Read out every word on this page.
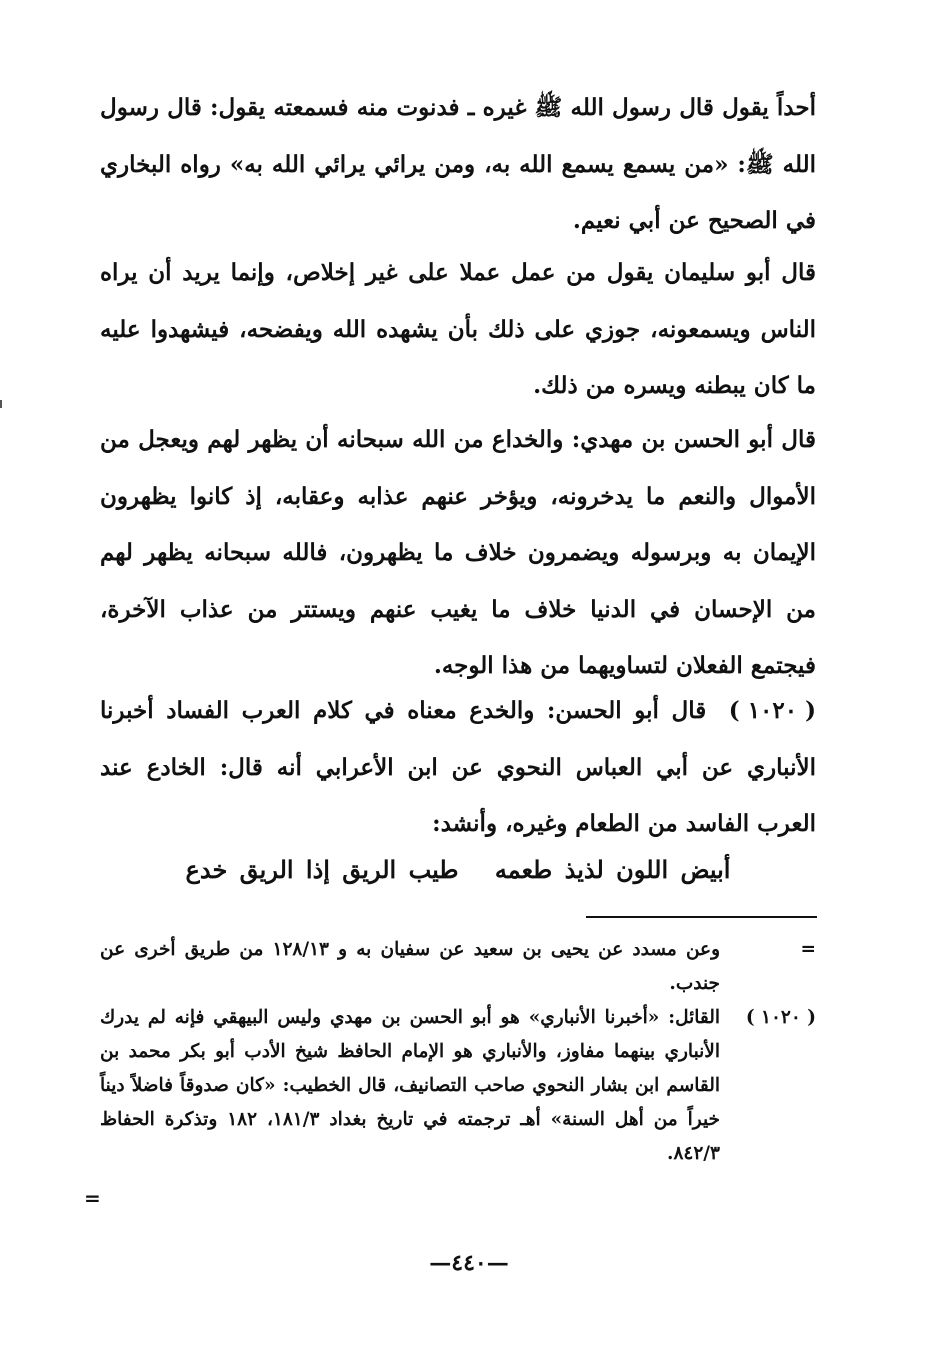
أحداً يقول قال رسول الله ﷺ غيره ـ فدنوت منه فسمعته يقول: قال رسول الله ﷺ: «من يسمع يسمع الله به، ومن يرائي يرائي الله به» رواه البخاري في الصحيح عن أبي نعيم.

قال أبو سليمان يقول من عمل عملا على غير إخلاص، وإنما يريد أن يراه الناس ويسمعونه، جوزي على ذلك بأن يشهده الله ويفضحه، فيشهدوا عليه ما كان يبطنه ويسره من ذلك.

قال أبو الحسن بن مهدي: والخداع من الله سبحانه أن يظهر لهم ويعجل من الأموال والنعم ما يدخرونه، ويؤخر عنهم عذابه وعقابه، إذ كانوا يظهرون الإيمان به وبرسوله ويضمرون خلاف ما يظهرون، فالله سبحانه يظهر لهم من الإحسان في الدنيا خلاف ما يغيب عنهم ويستتر من عذاب الآخرة، فيجتمع الفعلان لتساويهما من هذا الوجه.

( ١٠٢٠ ) قال أبو الحسن: والخدع معناه في كلام العرب الفساد أخبرنا الأنباري عن أبي العباس النحوي عن ابن الأعرابي أنه قال: الخادع عند العرب الفاسد من الطعام وغيره، وأنشد:

أبيض اللون لذيذ طعمه طيب الريق إذا الريق خدع
=
وعن مسدد عن يحيى بن سعيد عن سفيان به و ١٢٨/١٣ من طريق أخرى عن جندب.
( ١٠٢٠ )
القائل: «أخبرنا الأنباري» هو أبو الحسن بن مهدي وليس البيهقي فإنه لم يدرك الأنباري بينهما مفاوز، والأنباري هو الإمام الحافظ شيخ الأدب أبو بكر محمد بن القاسم ابن بشار النحوي صاحب التصانيف، قال الخطيب: «كان صدوقاً فاضلاً ديناً خيراً من أهل السنة» أهـ ترجمته في تاريخ بغداد ١٨١/٣، ١٨٢ وتذكرة الحفاظ ٨٤٢/٣.
=
—٤٤٠—
